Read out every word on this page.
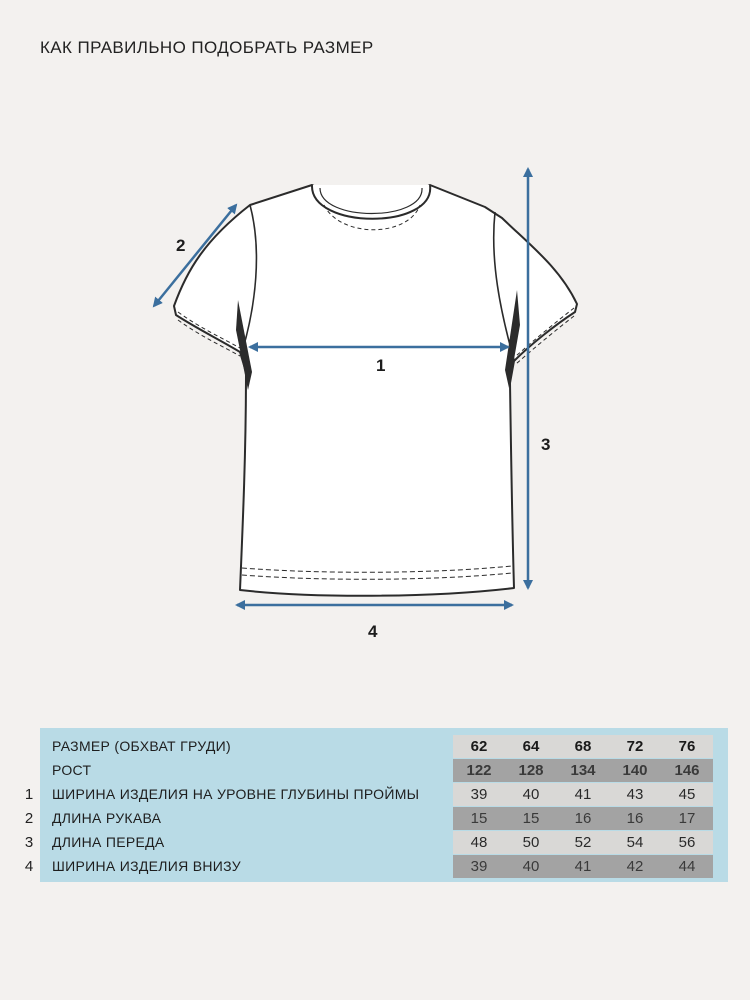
КАК ПРАВИЛЬНО ПОДОБРАТЬ РАЗМЕР
1
2
3
4
РАЗМЕР (ОБХВАТ ГРУДИ)	62	64	68	72	76
РОСТ	122	128	134	140	146
ШИРИНА ИЗДЕЛИЯ НА УРОВНЕ ГЛУБИНЫ ПРОЙМЫ	39	40	41	43	45
ДЛИНА РУКАВА	15	15	16	16	17
ДЛИНА ПЕРЕДА	48	50	52	54	56
ШИРИНА ИЗДЕЛИЯ ВНИЗУ	39	40	41	42	44
1
2
3
4
